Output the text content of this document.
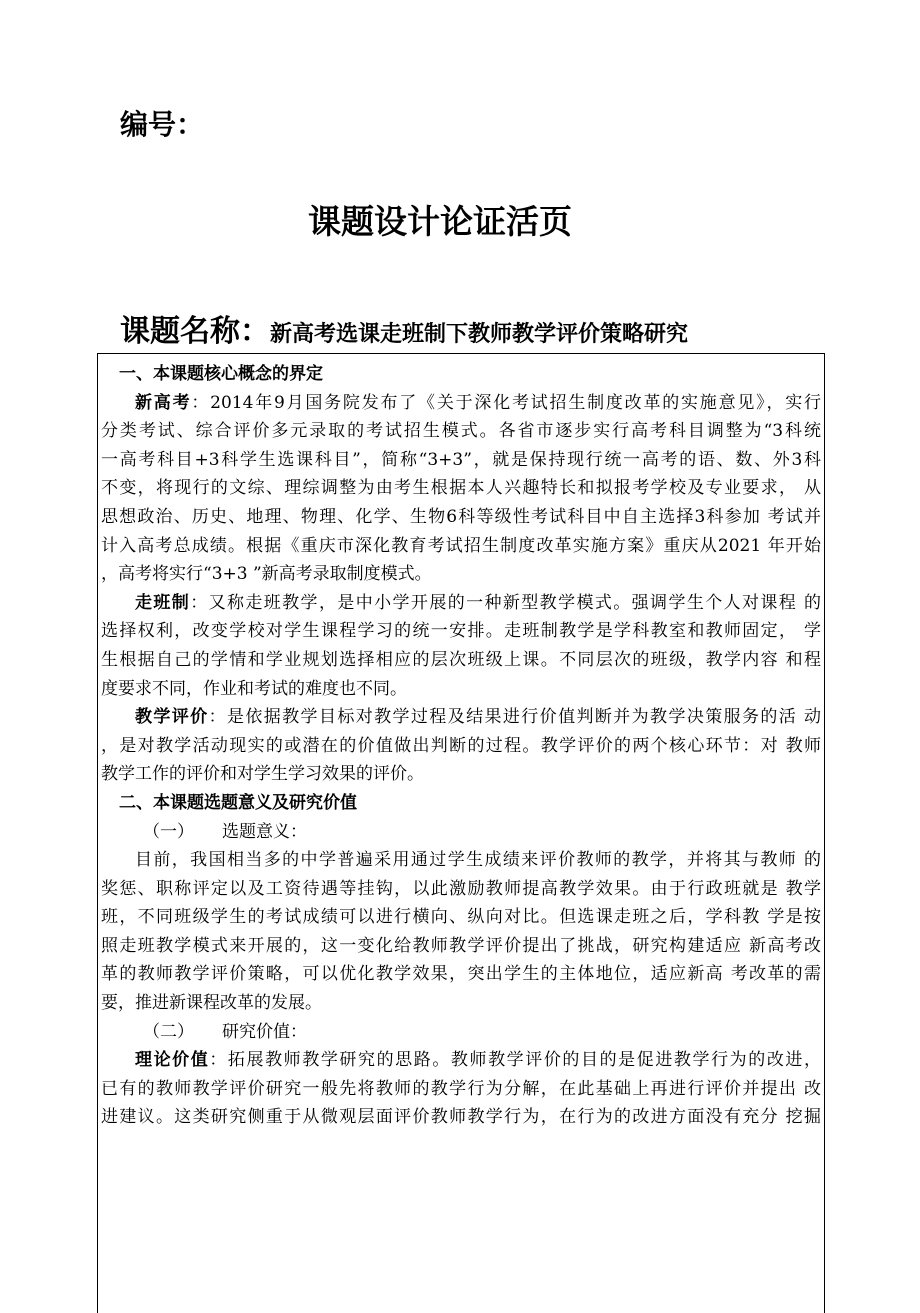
编号：
课题设计论证活页
课题名称：新高考选课走班制下教师教学评价策略研究
一、本课题核心概念的界定
新高考：2014年9月国务院发布了《关于深化考试招生制度改革的实施意见》，实行
分类考试、综合评价多元录取的考试招生模式。各省市逐步实行高考科目调整为“3科统
一高考科目+3科学生选课科目”，简称“3+3”，就是保持现行统一高考的语、数、外3科
不变，将现行的文综、理综调整为由考生根据本人兴趣特长和拟报考学校及专业要求， 从
思想政治、历史、地理、物理、化学、生物6科等级性考试科目中自主选择3科参加 考试并
计入高考总成绩。根据《重庆市深化教育考试招生制度改革实施方案》重庆从2021 年开始
，高考将实行“3+3 ”新高考录取制度模式。
走班制：又称走班教学，是中小学开展的一种新型教学模式。强调学生个人对课程 的
选择权利，改变学校对学生课程学习的统一安排。走班制教学是学科教室和教师固定， 学
生根据自己的学情和学业规划选择相应的层次班级上课。不同层次的班级，教学内容 和程
度要求不同，作业和考试的难度也不同。
教学评价：是依据教学目标对教学过程及结果进行价值判断并为教学决策服务的活 动
，是对教学活动现实的或潜在的价值做出判断的过程。教学评价的两个核心环节：对 教师
教学工作的评价和对学生学习效果的评价。
二、本课题选题意义及研究价值
（一） 选题意义：
目前，我国相当多的中学普遍采用通过学生成绩来评价教师的教学，并将其与教师 的
奖惩、职称评定以及工资待遇等挂钩，以此激励教师提高教学效果。由于行政班就是 教学
班，不同班级学生的考试成绩可以进行横向、纵向对比。但选课走班之后，学科教 学是按
照走班教学模式来开展的，这一变化给教师教学评价提出了挑战，研究构建适应 新高考改
革的教师教学评价策略，可以优化教学效果，突出学生的主体地位，适应新高 考改革的需
要，推进新课程改革的发展。
（二） 研究价值：
理论价值：拓展教师教学研究的思路。教师教学评价的目的是促进教学行为的改进，
已有的教师教学评价研究一般先将教师的教学行为分解，在此基础上再进行评价并提出 改
进建议。这类研究侧重于从微观层面评价教师教学行为，在行为的改进方面没有充分 挖掘
